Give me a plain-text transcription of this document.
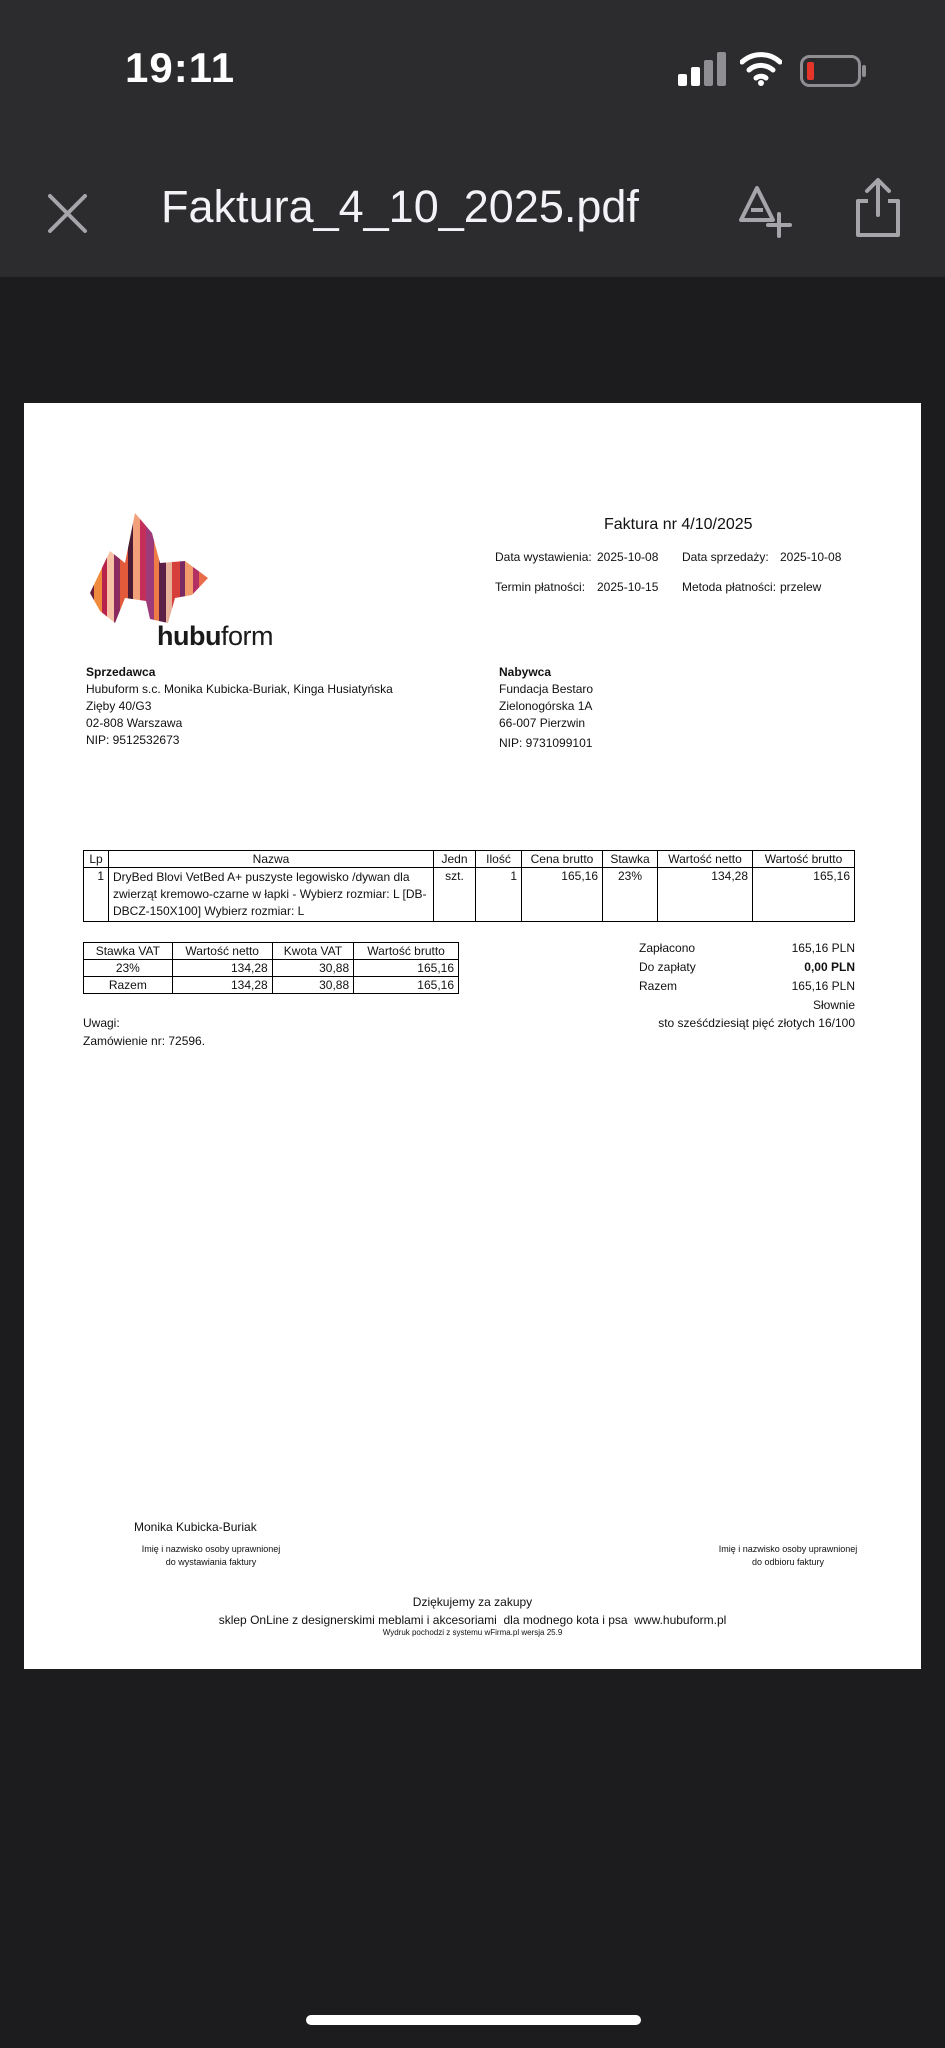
19:11
Faktura_4_10_2025.pdf
hubuform
Faktura nr 4/10/2025
Data wystawienia: 2025-10-08 Data sprzedaży: 2025-10-08
Termin płatności: 2025-10-15 Metoda płatności: przelew
Sprzedawca
Hubuform s.c. Monika Kubicka-Buriak, Kinga Husiatyńska
Zięby 40/G3
02-808 Warszawa
NIP: 9512532673
Nabywca
Fundacja Bestaro
Zielonogórska 1A
66-007 Pierzwin
NIP: 9731099101
Lp	Nazwa	Jedn	Ilość	Cena brutto	Stawka	Wartość netto	Wartość brutto
1	DryBed Blovi VetBed A+ puszyste legowisko /dywan dla zwierząt kremowo-czarne w łapki - Wybierz rozmiar: L [DB-DBCZ-150X100] Wybierz rozmiar: L	szt.	1	165,16	23%	134,28	165,16
Stawka VAT	Wartość netto	Kwota VAT	Wartość brutto
23%	134,28	30,88	165,16
Razem	134,28	30,88	165,16
Zapłacono	165,16 PLN
Do zapłaty	0,00 PLN
Razem	165,16 PLN
Słownie
sto sześćdziesiąt pięć złotych 16/100
Uwagi:
Zamówienie nr: 72596.
Monika Kubicka-Buriak
Imię i nazwisko osoby uprawnionej
do wystawiania faktury
Imię i nazwisko osoby uprawnionej
do odbioru faktury
Dziękujemy za zakupy
sklep OnLine z designerskimi meblami i akcesoriami  dla modnego kota i psa  www.hubuform.pl
Wydruk pochodzi z systemu wFirma.pl wersja 25.9
